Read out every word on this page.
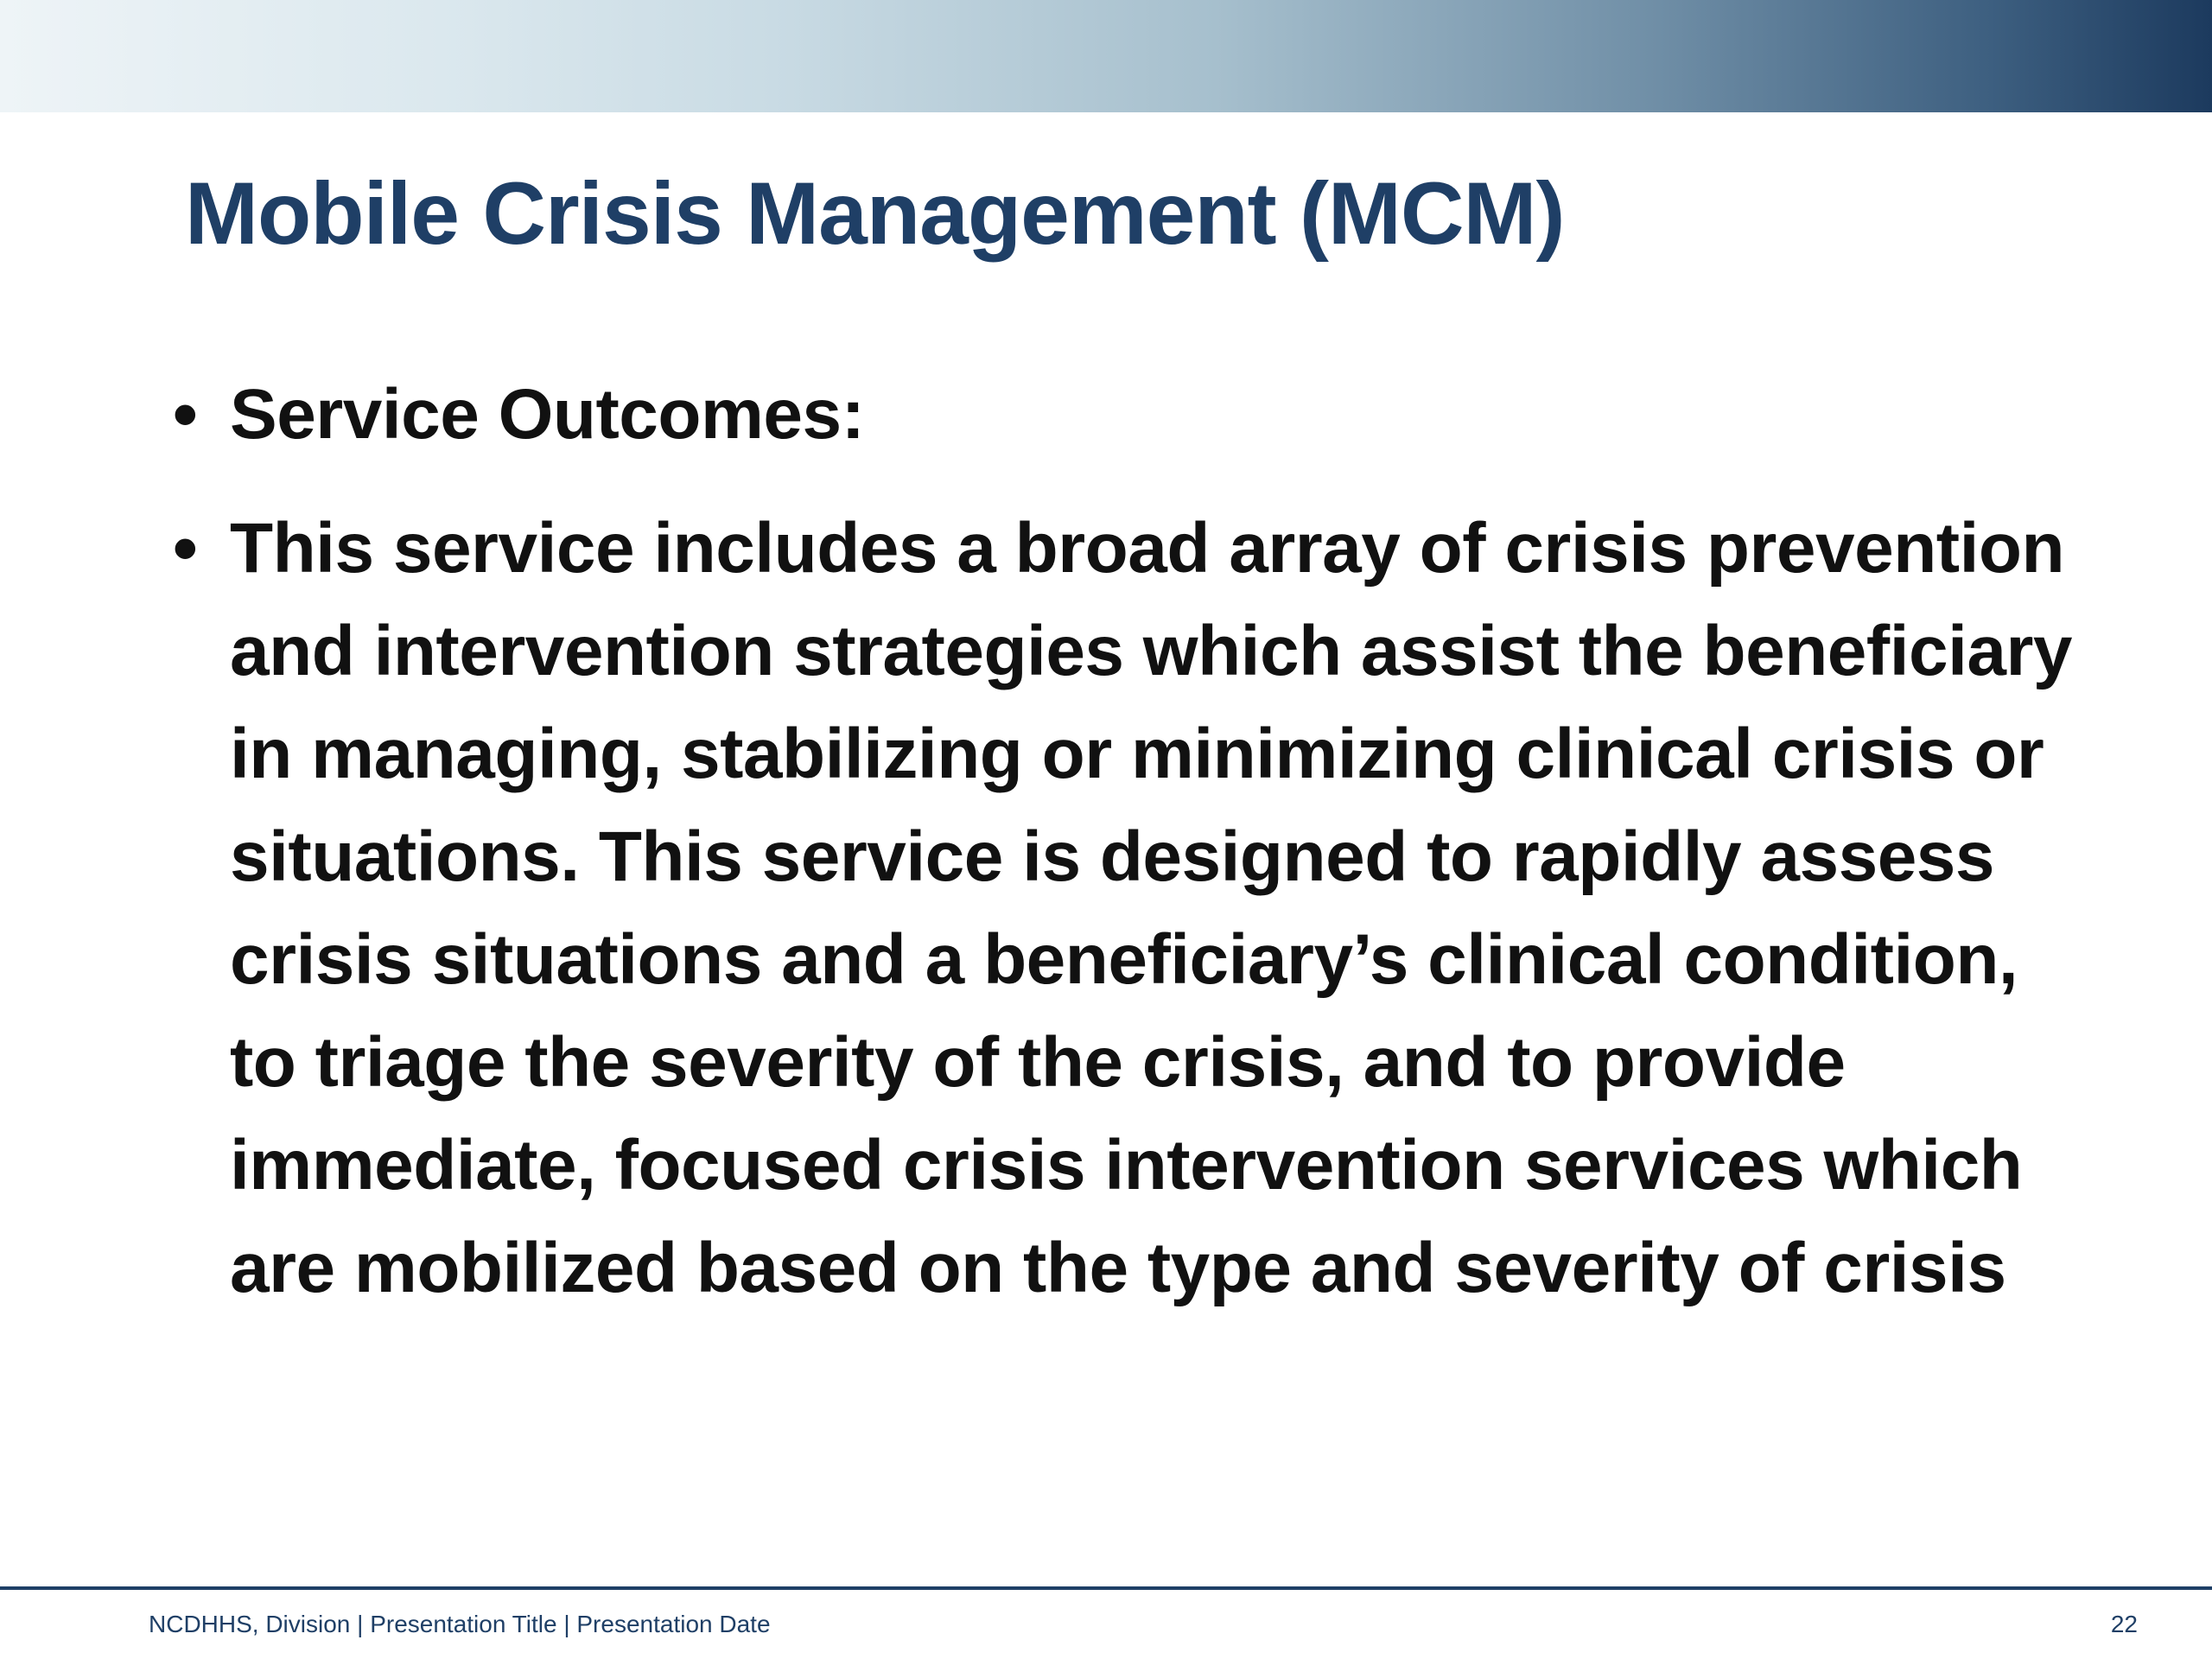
Mobile Crisis Management (MCM)
• Service Outcomes:
• This service includes a broad array of crisis prevention and intervention strategies which assist the beneficiary in managing, stabilizing or minimizing clinical crisis or situations. This service is designed to rapidly assess crisis situations and a beneficiary’s clinical condition, to triage the severity of the crisis, and to provide immediate, focused crisis intervention services which are mobilized based on the type and severity of crisis
NCDHHS, Division | Presentation Title | Presentation Date	22
